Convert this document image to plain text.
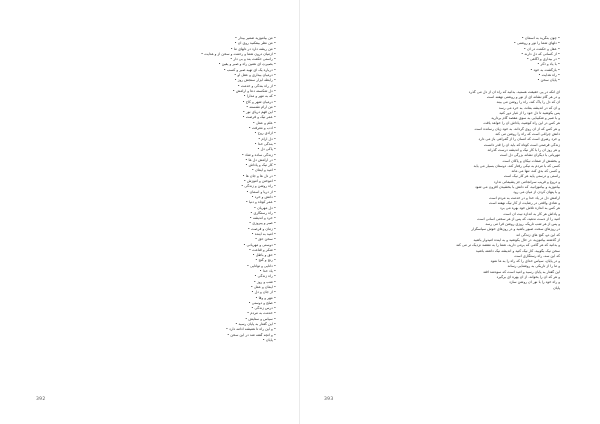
• من بیاموزید ضمیر بیدار •
• من نظر بیفکنید روی آن •
• من ریشه دارد در دلهای ما •
• ازمیان درون شما و رحمت و سخن از و هدایت •
• راستی حکمت بند و بی دار •
• بصیرتِ ای همین راه و صبر و یقین •
• درباره یک ای تهیه صبر و کسب •
• درمیان بیداری و عقل او •
• رابطه ابزار سنجش روز •
• از راه بندگی و خدمت •
• دل شکسته دعا و آرامش •
• که به مهر و مدارا •
• درمیان شهر و کاخ •
• من آرام نشسته •
• این فهم دریای نور •
• عمر نیک و فرصت •
• علم و عمل •
• ادب و معرفت •
• آزادی روح •
• دل آرام •
• بندگی خدا •
• پاکی دل •
• زندگی ساده و شاد •
• در آرامش دل ها •
• کار نیک و پاداش •
• امید و ایمان •
• در دل ها و جان ها •
• آموختن و آموزش •
• راه روشن و زندگی •
• از دریا و آسمان •
• دانش و خرد •
• عمر کوتاه و دنیا •
• دل مهربان •
• راه رستگاری •
• خرد و اندیشه •
• صبر و پیروزی •
• زمان و فرصت •
• امید به آینده •
• سخن حق •
• دوستی و مهربانی •
• شکر و قناعت •
• حق و باطل •
• رنج و گنج •
• دانایی و توانایی •
• یاد خدا •
• راه زندگی •
• شب و روز •
• ایمان و عمل •
• از جان و دل •
• مهر و وفا •
• صلح و دوستی •
• درس زندگی •
• خدمت به مردم •
• سپاس و ستایش •
• این گفتار به پایان رسید •
• و این راه تا همیشه ادامه دارد •
• و آنچه گفته شد در این سخن •
• پایان •
392
• چون بنگرید به آسمان •
• دلهای شما را نور و روشنی •
• عقل و حکمت در آن •
• از کسانی که دل دارند •
• در بیداری و آگاهی •
• با یاد و ذکر •
• بازگشت به خود •
• راه هدایت •
• پایان سخن •
ای آنکه در پی حقیقت هستید، بدانید که راه آن از دل می گذرد
و در هر گام نشانه ای از نور و روشنی نهفته است
آن که دل را پاک کند، راه را روشن می بیند
و آن که در اندیشه بماند، به خرد می رسد
پس بکوشید تا دل خود را از غبار دور کنید
و با صبر و شکیبایی به سوی مقصد گام بردارید
هر کس در این راه کوشید، پاداش آن را خواهد یافت
و هر کس که از آن روی گرداند، به خود زیان رسانده است
دانش چراغی است که راه را روشن می کند
و خرد رهبری است که انسان را از گمراهی باز می دارد
زندگی فرصتی است کوتاه که باید آن را قدر دانست
و هر روز آن را با کار نیک و اندیشه درست گذراند
مهربانی با دیگران نشانه بزرگی دل است
و بخشش از صفات نیکان و پاکان است
کسی که با مردم به نیکی رفتار کند، دوستان بسیار می یابد
و کسی که بدی کند، تنها می ماند
راستی و درستی پایه هر کار نیک است
و دروغ و فریب سرانجامی جز پشیمانی ندارد
بیاموزید و بیاموزانید، که دانش با بخشیدن افزون می شود
و با پنهان کردن از میان می رود
آرامش دل در یاد خدا و در خدمت به مردم است
و شادی واقعی در رضایت از کار نیک نهفته است
هر کس به اندازه تلاش خود بهره می برد
و پاداش هر کار به اندازه نیت آن است
امید را از دست ندهید، که پس از هر سختی آسانی است
و پس از هر شب تاریک، روزی روشن فرا می رسد
در روزهای سخت صبور باشید و در روزهای خوش سپاسگزار
که این دو، گنج های زندگی اند
از گذشته بیاموزید، در حال بکوشید و به آینده امیدوار باشید
و بدانید که هر گامی که برمی دارید، شما را به مقصد نزدیک تر می کند
سخن نیک بگویید، کار نیک کنید و اندیشه نیک داشته باشید
که این سه، راه رستگاری است
و در پایان، سپاس خدای را که راه را به ما نمود
و ما را از تاریکی به روشنایی رساند
این گفتار به پایان رسید و امید است که سودمند افتد
و هر که آن را بخواند، از آن بهره ای برگیرد
و راه خود را با نور آن روشن سازد
پایان
393
